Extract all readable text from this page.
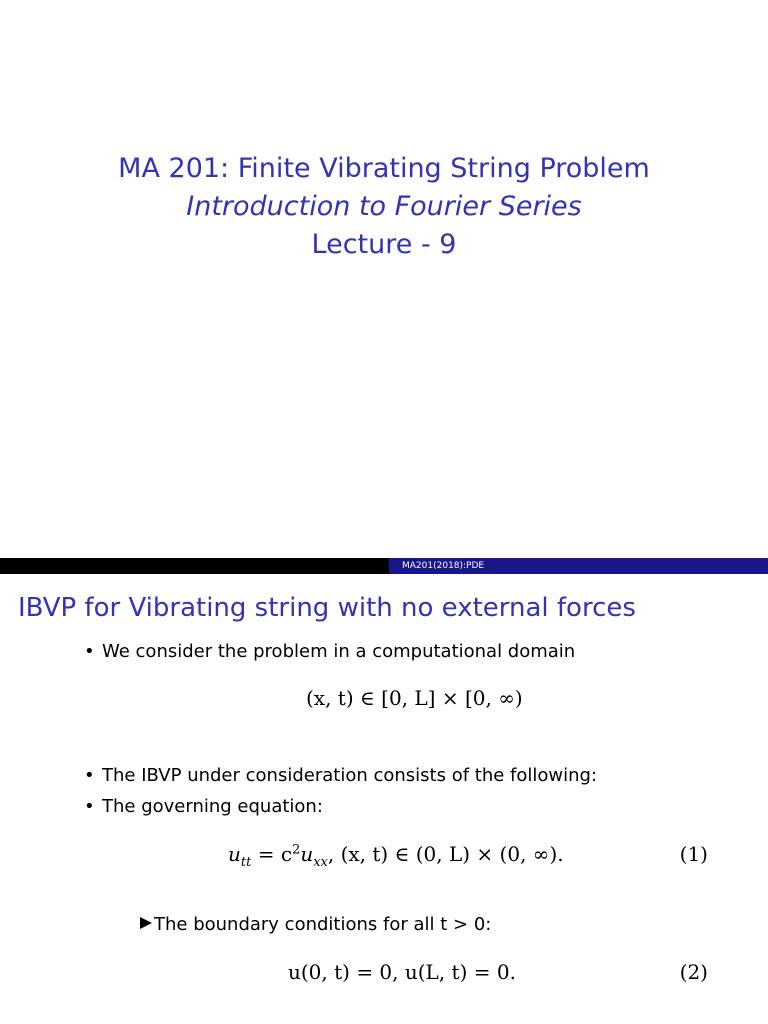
MA 201: Finite Vibrating String Problem
Introduction to Fourier Series
Lecture - 9
MA201(2018):PDE
IBVP for Vibrating string with no external forces
• We consider the problem in a computational domain
(x, t) ∈ [0, L] × [0, ∞)
• The IBVP under consideration consists of the following:
• The governing equation:
$u_{tt} = c^2u_{xx}$, (x, t) ∈ (0, L) × (0, ∞).	(1)
The boundary conditions for all t > 0:
u(0, t) = 0, u(L, t) = 0.	(2)
